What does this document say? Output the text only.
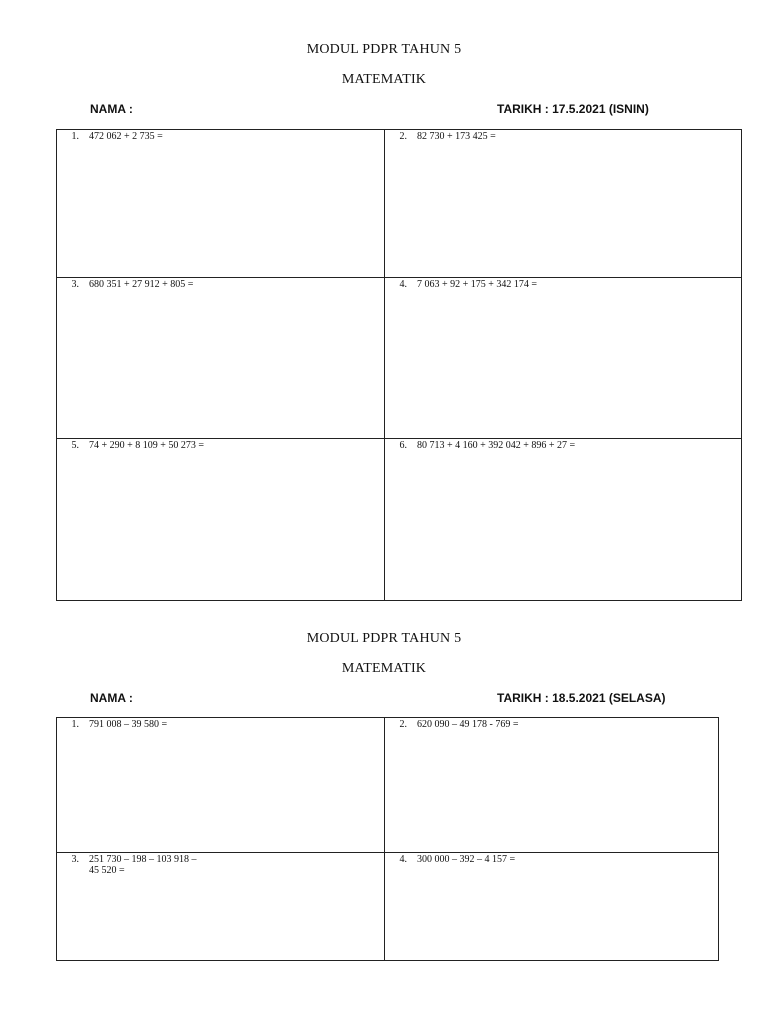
MODUL PDPR TAHUN 5
MATEMATIK
NAMA :	TARIKH : 17.5.2021 (ISNIN)
1. 472 062 + 2 735 =	2. 82 730 + 173 425 =

3. 680 351 + 27 912 + 805 =	4. 7 063 + 92 + 175 + 342 174 =

5. 74 + 290 + 8 109 + 50 273 =	6. 80 713 + 4 160 + 392 042 + 896 + 27 =
MODUL PDPR TAHUN 5
MATEMATIK
NAMA :	TARIKH : 18.5.2021 (SELASA)
1. 791 008 – 39 580 =	2. 620 090 – 49 178 - 769 =

3. 251 730 – 198 – 103 918 –
45 520 =	4. 300 000 – 392 – 4 157 =
